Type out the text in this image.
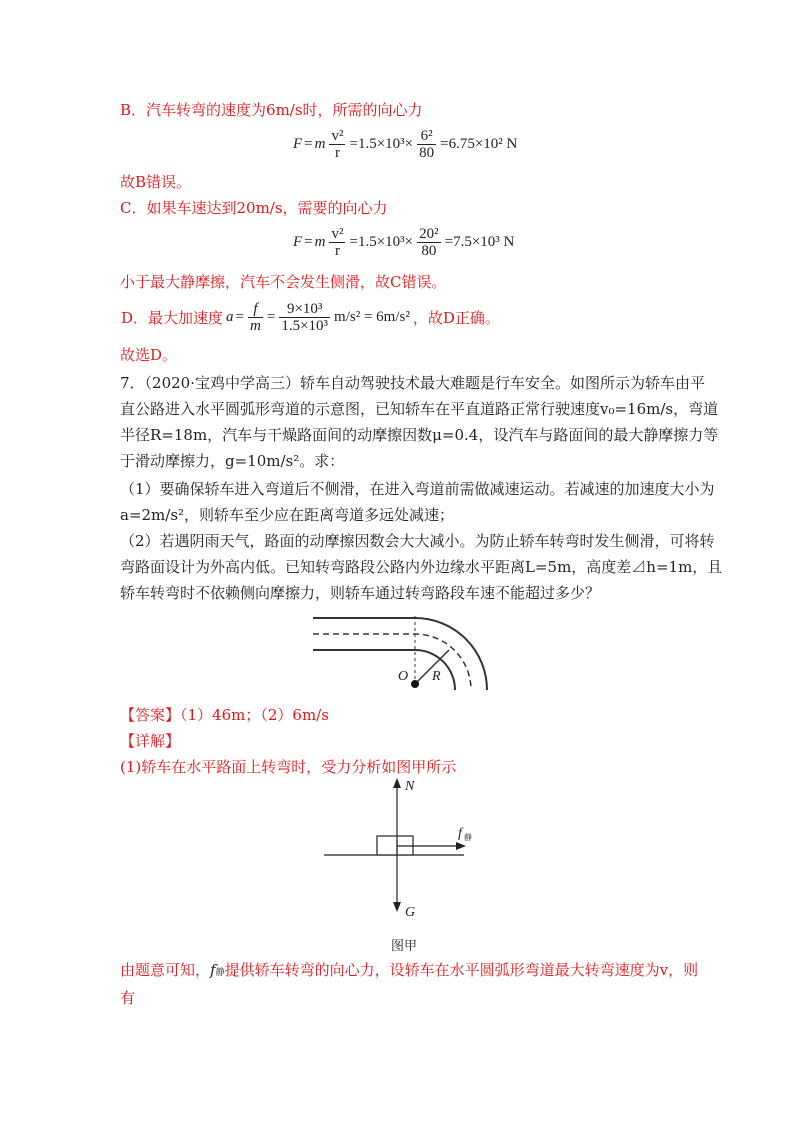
B．汽车转弯的速度为6m/s时，所需的向心力
F = m $\frac{\text{v²}}{r} =1.5\times 10^3\times \frac{\text{6²}}{80} =6.75\times 10^2$ N
故B错误。
C．如果车速达到20m/s，需要的向心力
F = m $\frac{\text{v²}}{r} =1.5\times 10^3\times \frac{\text{20²}}{80} =7.5\times 10^3$ N
小于最大静摩擦，汽车不会发生侧滑，故C错误。
D．最大加速度 $a = \frac{f}{m} = \frac{\text{9×10³}}{\text{1.5×10³}} m/s^2 = 6m/s^2$ ，故D正确。
故选D。
7．（2020·宝鸡中学高三）轿车自动驾驶技术最大难题是行车安全。如图所示为轿车由平
直公路进入水平圆弧形弯道的示意图，已知轿车在平直道路正常行驶速度v₀=16m/s，弯道
半径R=18m，汽车与干燥路面间的动摩擦因数μ=0.4，设汽车与路面间的最大静摩擦力等
于滑动摩擦力，g=10m/s²。求：
（1）要确保轿车进入弯道后不侧滑，在进入弯道前需做减速运动。若减速的加速度大小为
a=2m/s²，则轿车至少应在距离弯道多远处减速；
（2）若遇阴雨天气，路面的动摩擦因数会大大减小。为防止轿车转弯时发生侧滑，可将转
弯路面设计为外高内低。已知转弯路段公路内外边缘水平距离L=5m，高度差⊿h=1m，且
轿车转弯时不依赖侧向摩擦力，则轿车通过转弯路段车速不能超过多少？
O R
【答案】（1）46m；（2）6m/s
【详解】
(1)轿车在水平路面上转弯时，受力分析如图甲所示
N
G
f 静
图甲
由题意可知，f静提供轿车转弯的向心力，设轿车在水平圆弧形弯道最大转弯速度为v，则
有
